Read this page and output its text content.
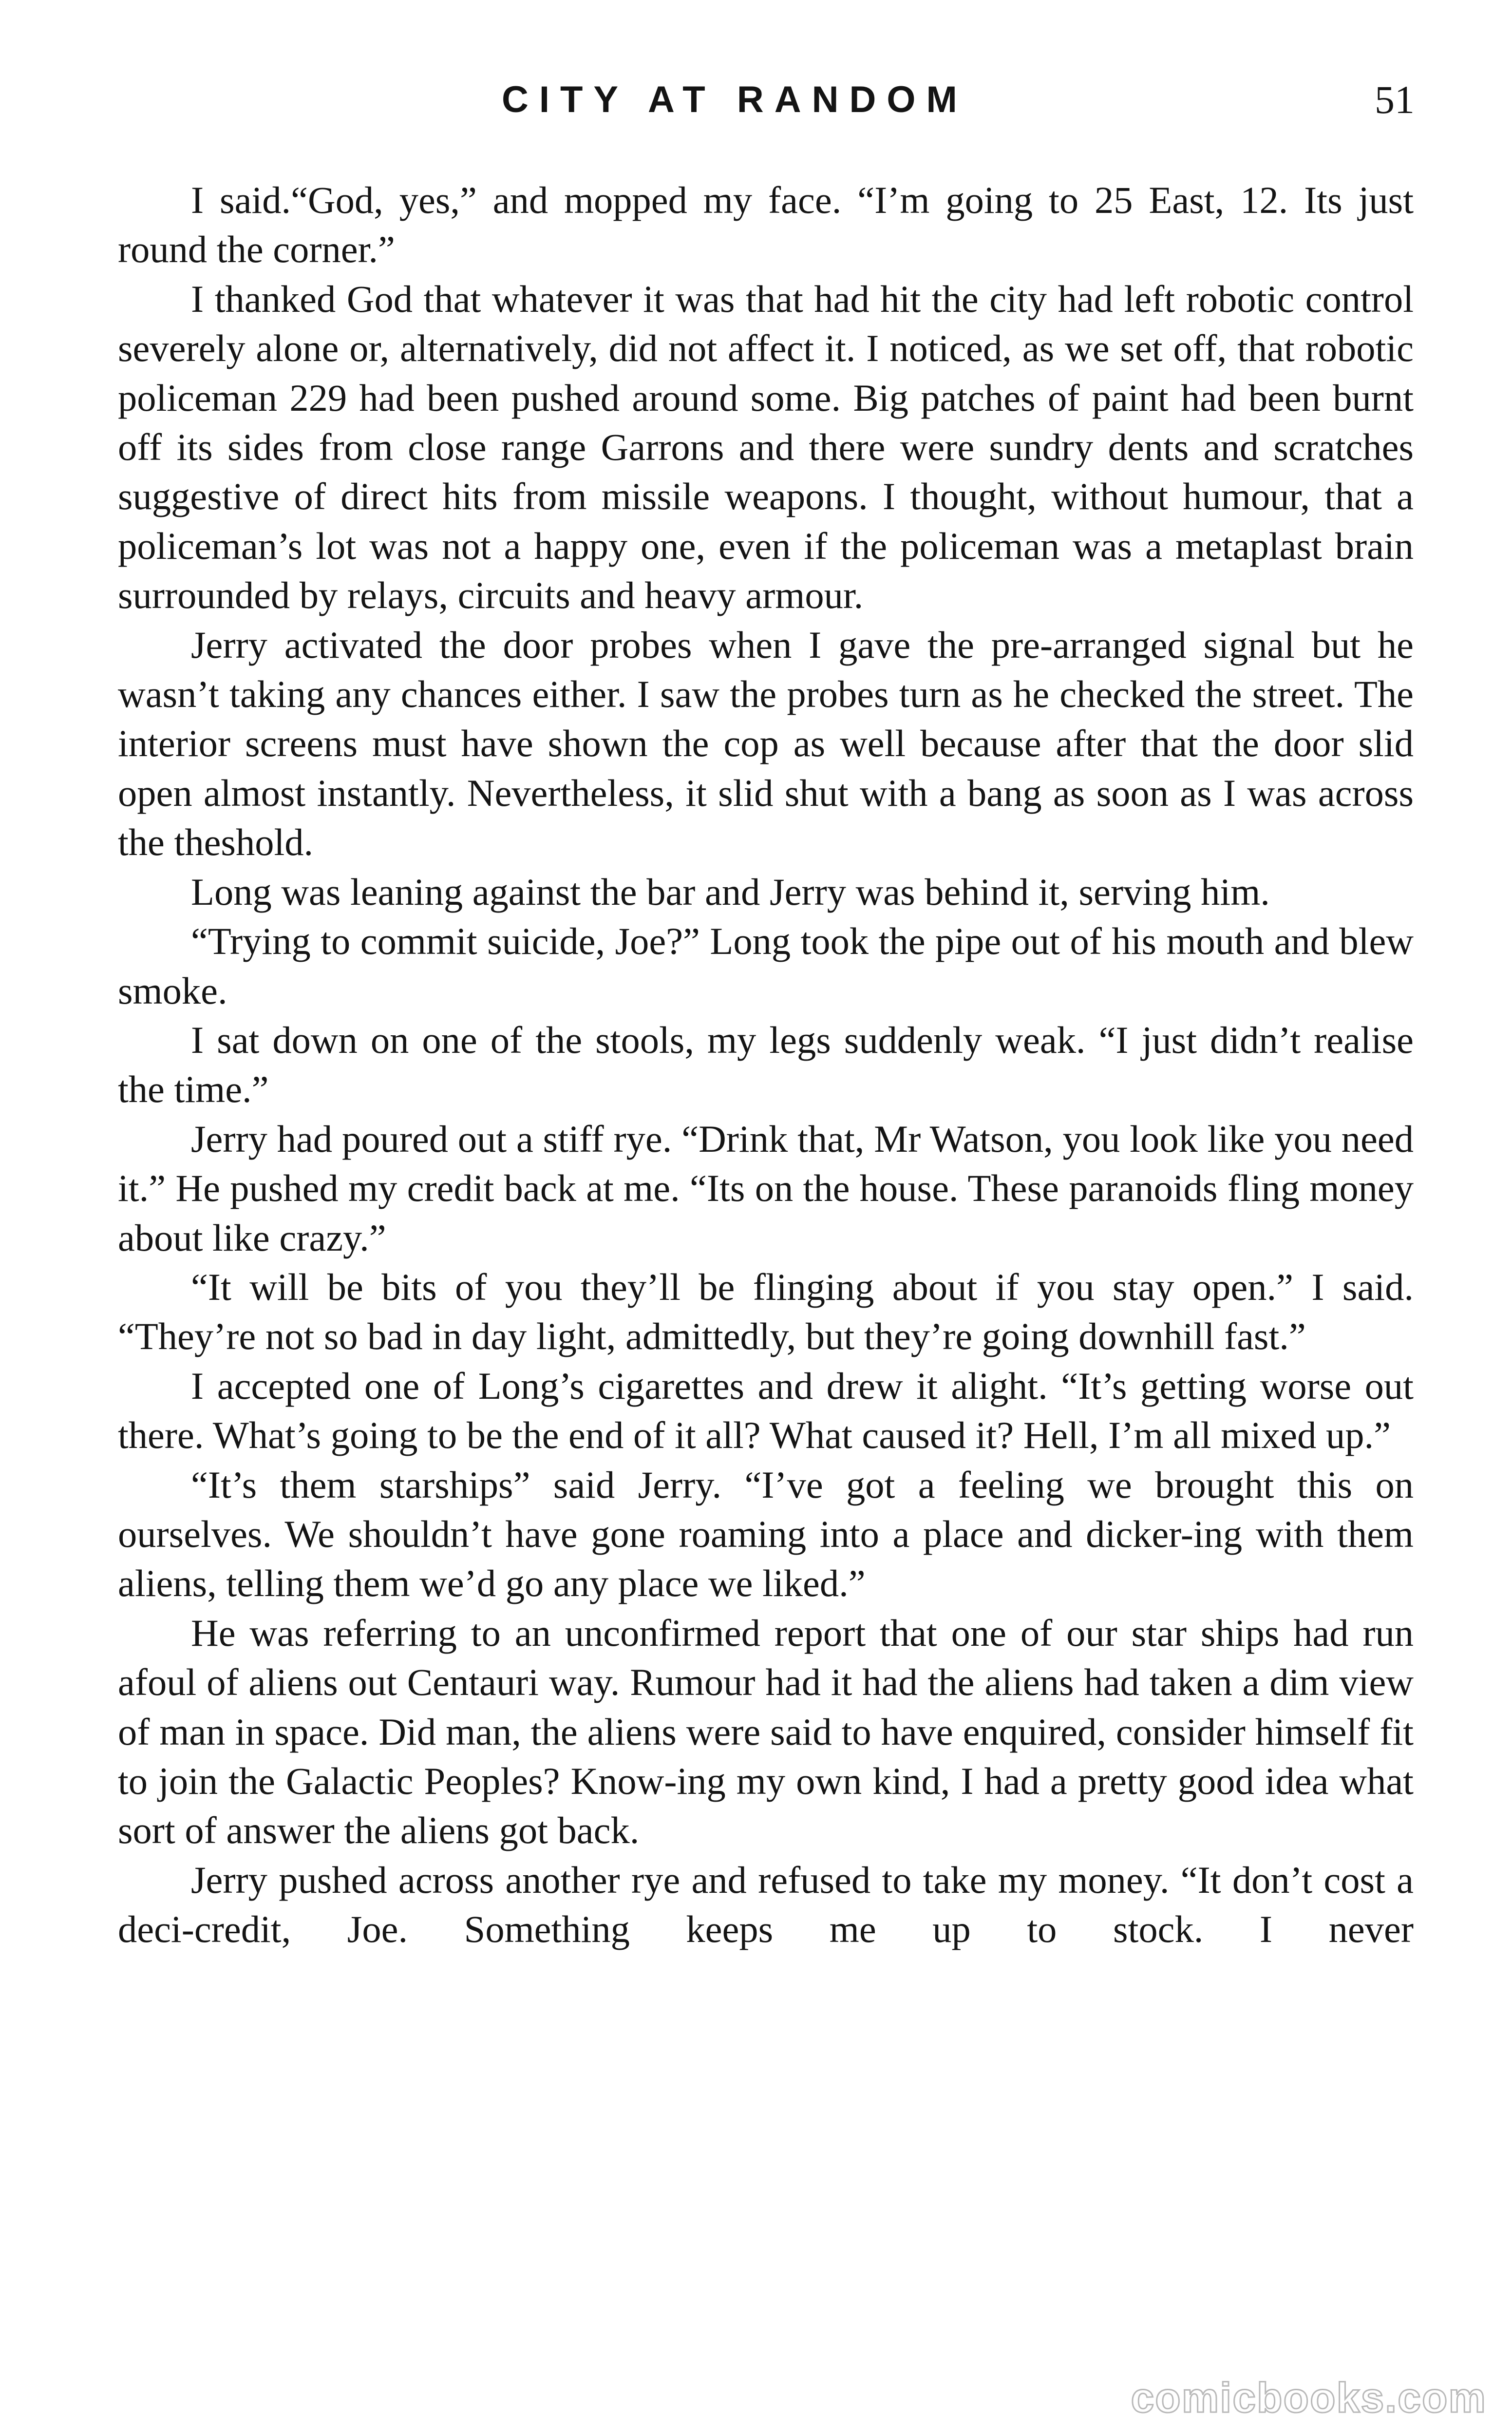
CITY AT RANDOM	51

I said.“God, yes,” and mopped my face. “I’m going to 25 East, 12. Its just round the corner.”

I thanked God that whatever it was that had hit the city had left robotic control severely alone or, alternatively, did not affect it. I noticed, as we set off, that robotic policeman 229 had been pushed around some. Big patches of paint had been burnt off its sides from close range Garrons and there were sundry dents and scratches suggestive of direct hits from missile weapons. I thought, without humour, that a policeman’s lot was not a happy one, even if the policeman was a metaplast brain surrounded by relays, circuits and heavy armour.

Jerry activated the door probes when I gave the pre-arranged signal but he wasn’t taking any chances either. I saw the probes turn as he checked the street. The interior screens must have shown the cop as well because after that the door slid open almost instantly. Nevertheless, it slid shut with a bang as soon as I was across the theshold.

Long was leaning against the bar and Jerry was behind it, serving him.

“Trying to commit suicide, Joe?” Long took the pipe out of his mouth and blew smoke.

I sat down on one of the stools, my legs suddenly weak. “I just didn’t realise the time.”

Jerry had poured out a stiff rye. “Drink that, Mr Watson, you look like you need it.” He pushed my credit back at me. “Its on the house. These paranoids fling money about like crazy.”

“It will be bits of you they’ll be flinging about if you stay open.” I said. “They’re not so bad in day light, admittedly, but they’re going downhill fast.”

I accepted one of Long’s cigarettes and drew it alight. “It’s getting worse out there. What’s going to be the end of it all? What caused it? Hell, I’m all mixed up.”

“It’s them starships” said Jerry. “I’ve got a feeling we brought this on ourselves. We shouldn’t have gone roaming into a place and dicker-ing with them aliens, telling them we’d go any place we liked.”

He was referring to an unconfirmed report that one of our star ships had run afoul of aliens out Centauri way. Rumour had it had the aliens had taken a dim view of man in space. Did man, the aliens were said to have enquired, consider himself fit to join the Galactic Peoples? Know-ing my own kind, I had a pretty good idea what sort of answer the aliens got back.

Jerry pushed across another rye and refused to take my money. “It don’t cost a deci-credit, Joe. Something keeps me up to stock. I never

comicbooks.com
